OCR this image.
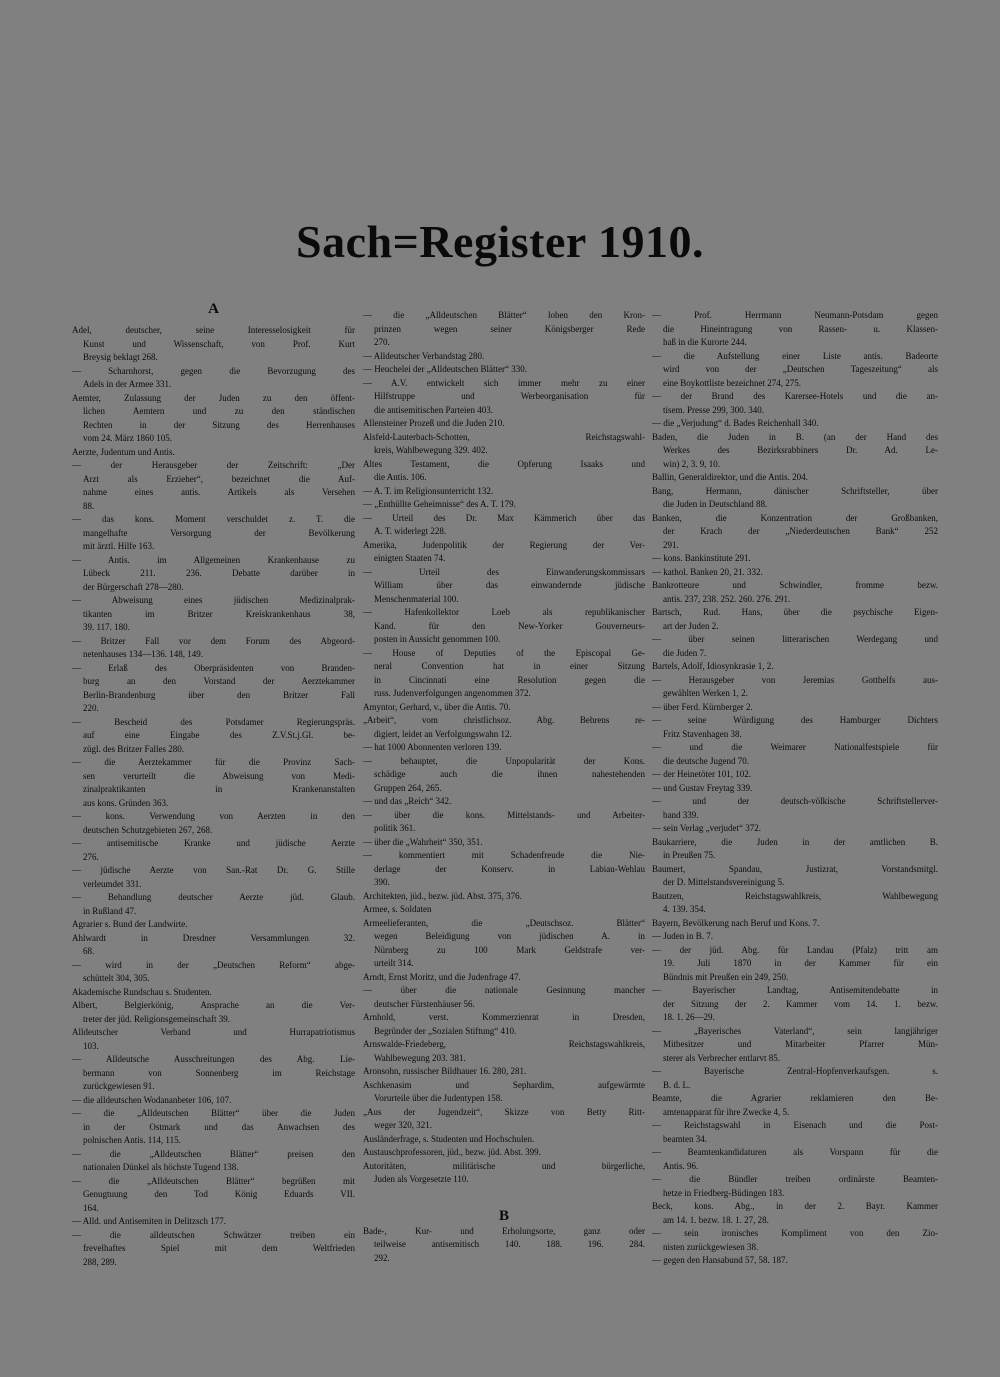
Sach=Register 1910.
A
Adel, deutscher, seine Interesselosigkeit für
Kunst und Wissenschaft, von Prof. Kurt
Breysig beklagt 268.
— Scharnhorst, gegen die Bevorzugung des
Adels in der Armee 331.
Aemter, Zulassung der Juden zu den öffent-
lichen Aemtern und zu den ständischen
Rechten in der Sitzung des Herrenhauses
vom 24. März 1860 105.
Aerzte, Judentum und Antis.
— der Herausgeber der Zeitschrift: „Der
Arzt als Erzieher“, bezeichnet die Auf-
nahme eines antis. Artikels als Versehen
88.
— das kons. Moment verschuldet z. T. die
mangelhafte Versorgung der Bevölkerung
mit ärztl. Hilfe 163.
— Antis. im Allgemeinen Krankenhause zu
Lübeck 211. 236. Debatte darüber in
der Bürgerschaft 278—280.
— Abweisung eines jüdischen Medizinalprak-
tikanten im Britzer Kreiskrankenhaus 38,
39. 117. 180.
— Britzer Fall vor dem Forum des Abgeord-
netenhauses 134—136. 148, 149.
— Erlaß des Oberpräsidenten von Branden-
burg an den Vorstand der Aerztekammer
Berlin-Brandenburg über den Britzer Fall
220.
— Bescheid des Potsdamer Regierungspräs.
auf eine Eingabe des Z.V.St.j.Gl. be-
zügl. des Britzer Falles 280.
— die Aerztekammer für die Provinz Sach-
sen verurteilt die Abweisung von Medi-
zinalpraktikanten in Krankenanstalten
aus kons. Gründen 363.
— kons. Verwendung von Aerzten in den
deutschen Schutzgebieten 267, 268.
— antisemitische Kranke und jüdische Aerzte
276.
— jüdische Aerzte von San.-Rat Dr. G. Stille
verleumdet 331.
— Behandlung deutscher Aerzte jüd. Glaub.
in Rußland 47.
Agrarier s. Bund der Landwirte.
Ahlwardt in Dresdner Versammlungen 32.
68.
— wird in der „Deutschen Reform“ abge-
schüttelt 304, 305.
Akademische Rundschau s. Studenten.
Albert, Belgierkönig, Ansprache an die Ver-
treter der jüd. Religionsgemeinschaft 39.
Alldeutscher Verband und Hurrapatriotismus
103.
— Alldeutsche Ausschreitungen des Abg. Lie-
bermann von Sonnenberg im Reichstage
zurückgewiesen 91.
— die alldeutschen Wodananbeter 106, 107.
— die „Alldeutschen Blätter“ über die Juden
in der Ostmark und das Anwachsen des
polnischen Antis. 114, 115.
— die „Alldeutschen Blätter“ preisen den
nationalen Dünkel als höchste Tugend 138.
— die „Alldeutschen Blätter“ begrüßen mit
Genugtuung den Tod König Eduards VII.
164.
— Alld. und Antisemiten in Delitzsch 177.
— die alldeutschen Schwätzer treiben ein
frevelhaftes Spiel mit dem Weltfrieden
288, 289.
— die „Alldeutschen Blätter“ loben den Kron-
prinzen wegen seiner Königsberger Rede
270.
— Alldeutscher Verbandstag 280.
— Heuchelei der „Alldeutschen Blätter“ 330.
— A.V. entwickelt sich immer mehr zu einer
Hilfstruppe und Werbeorganisation für
die antisemitischen Parteien 403.
Allensteiner Prozeß und die Juden 210.
Alsfeld-Lauterbach-Schotten, Reichstagswahl-
kreis, Wahlbewegung 329. 402.
Altes Testament, die Opferung Isaaks und
die Antis. 106.
— A. T. im Religionsunterricht 132.
— „Enthüllte Geheimnisse“ des A. T. 179.
— Urteil des Dr. Max Kämmerich über das
A. T. widerlegt 228.
Amerika, Judenpolitik der Regierung der Ver-
einigten Staaten 74.
— Urteil des Einwanderungskommissars
William über das einwandernde jüdische
Menschenmaterial 100.
— Hafenkollektor Loeb als republikanischer
Kand. für den New-Yorker Gouverneurs-
posten in Aussicht genommen 100.
— House of Deputies of the Episcopal Ge-
neral Convention hat in einer Sitzung
in Cincinnati eine Resolution gegen die
russ. Judenverfolgungen angenommen 372.
Amyntor, Gerhard, v., über die Antis. 70.
„Arbeit“, vom christlichsoz. Abg. Behrens re-
digiert, leidet an Verfolgungswahn 12.
— hat 1000 Abonnenten verloren 139.
— behauptet, die Unpopularität der Kons.
schädige auch die ihnen nahestehenden
Gruppen 264, 265.
— und das „Reich“ 342.
— über die kons. Mittelstands- und Arbeiter-
politik 361.
— über die „Wahrheit“ 350, 351.
— kommentiert mit Schadenfreude die Nie-
derlage der Konserv. in Labiau-Wehlau
390.
Architekten, jüd., bezw. jüd. Abst. 375, 376.
Armee, s. Soldaten
Armeelieferanten, die „Deutschsoz. Blätter“
wegen Beleidigung von jüdischen A. in
Nürnberg zu 100 Mark Geldstrafe ver-
urteilt 314.
Arndt, Ernst Moritz, und die Judenfrage 47.
— über die nationale Gesinnung mancher
deutscher Fürstenhäuser 56.
Arnhold, verst. Kommerzienrat in Dresden,
Begründer der „Sozialen Stiftung“ 410.
Arnswalde-Friedeberg, Reichstagswahlkreis,
Wahlbewegung 203. 381.
Aronsohn, russischer Bildhauer 16. 280, 281.
Aschkenasim und Sephardim, aufgewärmte
Vorurteile über die Judentypen 158.
„Aus der Jugendzeit“, Skizze von Betty Ritt-
weger 320, 321.
Ausländerfrage, s. Studenten und Hochschulen.
Austauschprofessoren, jüd., bezw. jüd. Abst. 399.
Autoritäten, militärische und bürgerliche,
Juden als Vorgesetzte 110.
B
Bade-, Kur- und Erholungsorte, ganz oder
teilweise antisemitisch 140. 188. 196. 284.
292.
— Prof. Herrmann Neumann-Potsdam gegen
die Hineintragung von Rassen- u. Klassen-
haß in die Kurorte 244.
— die Aufstellung einer Liste antis. Badeorte
wird von der „Deutschen Tageszeitung“ als
eine Boykottliste bezeichnet 274, 275.
— der Brand des Karersee-Hotels und die an-
tisem. Presse 299, 300. 340.
— die „Verjudung“ d. Bades Reichenhall 340.
Baden, die Juden in B. (an der Hand des
Werkes des Bezirksrabbiners Dr. Ad. Le-
win) 2, 3. 9, 10.
Ballin, Generaldirektor, und die Antis. 204.
Bang, Hermann, dänischer Schriftsteller, über
die Juden in Deutschland 88.
Banken, die Konzentration der Großbanken,
der Krach der „Niederdeutschen Bank“ 252
291.
— kons. Bankinstitute 291.
— kathol. Banken 20, 21. 332.
Bankrotteure und Schwindler, fromme bezw.
antis. 237, 238. 252. 260. 276. 291.
Bartsch, Rud. Hans, über die psychische Eigen-
art der Juden 2.
— über seinen litterarischen Werdegang und
die Juden 7.
Bartels, Adolf, Idiosynkrasie 1, 2.
— Herausgeber von Jeremias Gotthelfs aus-
gewählten Werken 1, 2.
— über Ferd. Kürnberger 2.
— seine Würdigung des Hamburger Dichters
Fritz Stavenhagen 38.
— und die Weimarer Nationalfestspiele für
die deutsche Jugend 70.
— der Heinetöter 101, 102.
— und Gustav Freytag 339.
— und der deutsch-völkische Schriftstellerver-
band 339.
— sein Verlag „verjudet“ 372.
Baukarriere, die Juden in der amtlichen B.
in Preußen 75.
Baumert, Spandau, Justizrat, Vorstandsmitgl.
der D. Mittelstandsvereinigung 5.
Bautzen, Reichstagswahlkreis, Wahlbewegung
4. 139. 354.
Bayern, Bevölkerung nach Beruf und Kons. 7.
— Juden in B. 7.
— der jüd. Abg. für Landau (Pfalz) tritt am
19. Juli 1870 in der Kammer für ein
Bündnis mit Preußen ein 249, 250.
— Bayerischer Landtag, Antisemitendebatte in
der Sitzung der 2. Kammer vom 14. 1. bezw.
18. 1. 26—29.
— „Bayerisches Vaterland“, sein langjähriger
Mitbesitzer und Mitarbeiter Pfarrer Mün-
sterer als Verbrecher entlarvt 85.
— Bayerische Zentral-Hopfenverkaufsgen. s.
B. d. L.
Beamte, die Agrarier reklamieren den Be-
amtenapparat für ihre Zwecke 4, 5.
— Reichstagswahl in Eisenach und die Post-
beamten 34.
— Beamtenkandidaturen als Vorspann für die
Antis. 96.
— die Bündler treiben ordinärste Beamten-
hetze in Friedberg-Büdingen 183.
Beck, kons. Abg., in der 2. Bayr. Kammer
am 14. 1. bezw. 18. 1. 27, 28.
— sein ironisches Kompliment von den Zio-
nisten zurückgewiesen 38.
— gegen den Hansabund 57, 58. 187.
